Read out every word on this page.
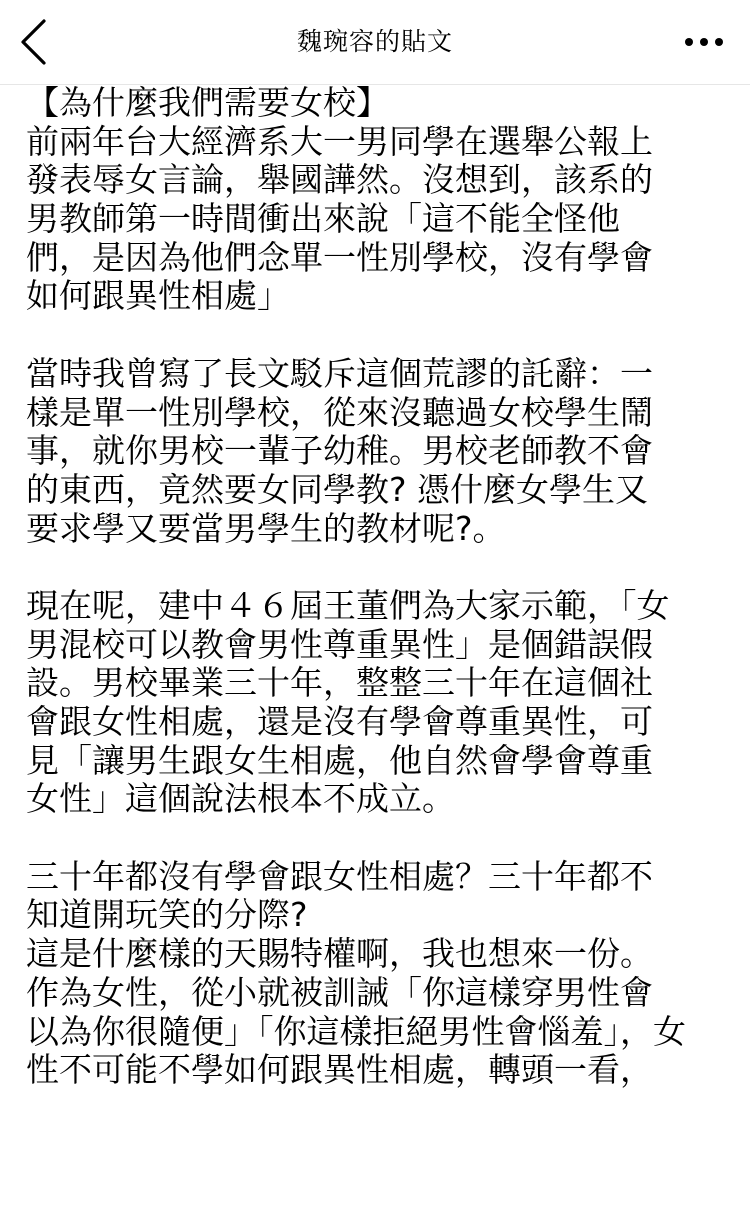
魏琬容的貼文
【為什麼我們需要女校】
前兩年台大經濟系大一男同學在選舉公報上
發表辱女言論，舉國譁然。沒想到，該系的
男教師第一時間衝出來說「這不能全怪他
們，是因為他們念單一性別學校，沒有學會
如何跟異性相處」
當時我曾寫了長文駁斥這個荒謬的託辭：一
樣是單一性別學校，從來沒聽過女校學生鬧
事，就你男校一輩子幼稚。男校老師教不會
的東西，竟然要女同學教? 憑什麼女學生又
要求學又要當男學生的教材呢?。
現在呢，建中４６屆王董們為大家示範，「女
男混校可以教會男性尊重異性」是個錯誤假
設。男校畢業三十年，整整三十年在這個社
會跟女性相處，還是沒有學會尊重異性，可
見「讓男生跟女生相處，他自然會學會尊重
女性」這個說法根本不成立。
三十年都沒有學會跟女性相處？三十年都不
知道開玩笑的分際?
這是什麼樣的天賜特權啊，我也想來一份。
作為女性，從小就被訓誡「你這樣穿男性會
以為你很隨便」「你這樣拒絕男性會惱羞」，女
性不可能不學如何跟異性相處，轉頭一看，
